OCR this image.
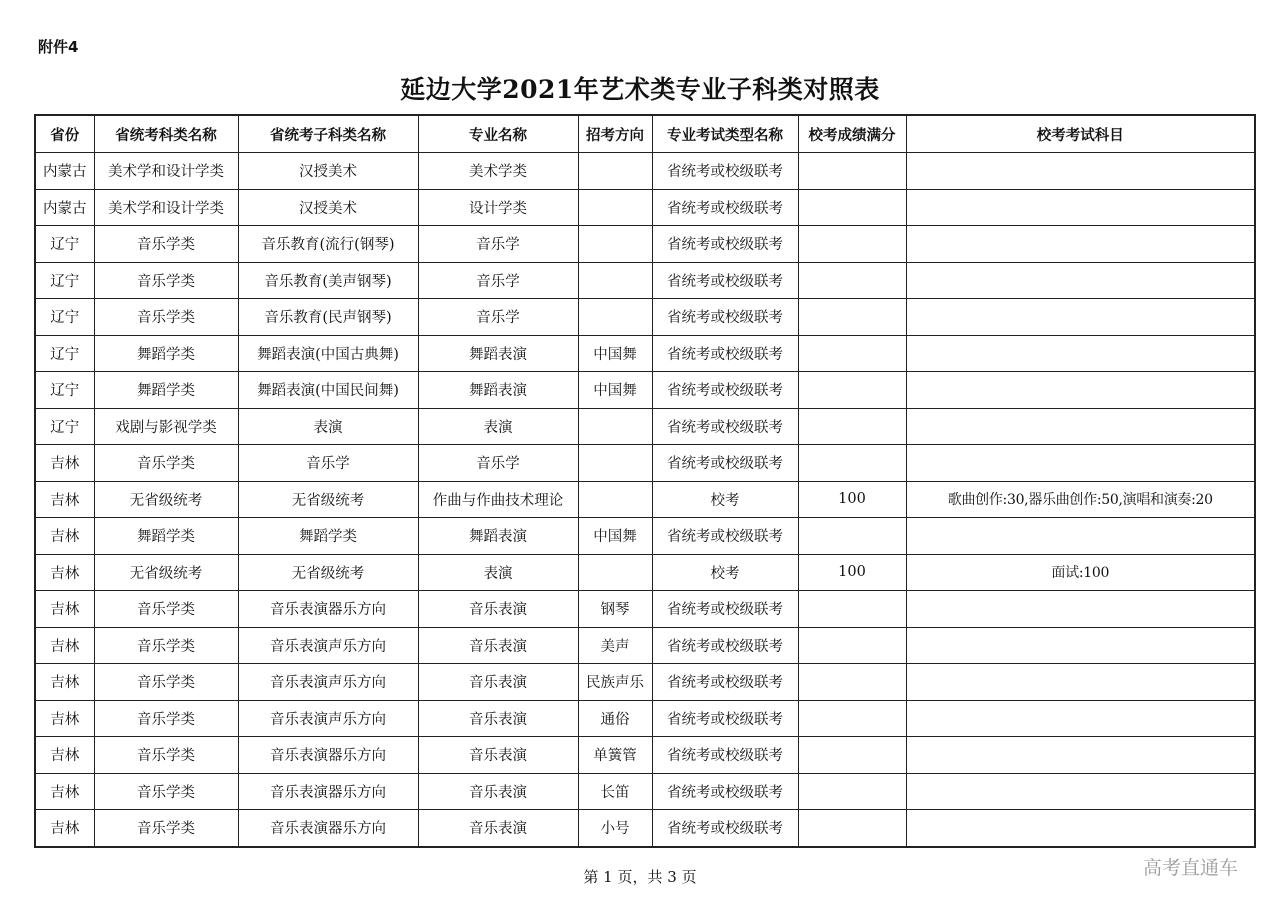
附件4
延边大学2021年艺术类专业子科类对照表
省份	省统考科类名称	省统考子科类名称	专业名称	招考方向	专业考试类型名称	校考成绩满分	校考考试科目
内蒙古	美术学和设计学类	汉授美术	美术学类		省统考或校级联考		
内蒙古	美术学和设计学类	汉授美术	设计学类		省统考或校级联考		
辽宁	音乐学类	音乐教育(流行(钢琴)	音乐学		省统考或校级联考		
辽宁	音乐学类	音乐教育(美声钢琴)	音乐学		省统考或校级联考		
辽宁	音乐学类	音乐教育(民声钢琴)	音乐学		省统考或校级联考		
辽宁	舞蹈学类	舞蹈表演(中国古典舞)	舞蹈表演	中国舞	省统考或校级联考		
辽宁	舞蹈学类	舞蹈表演(中国民间舞)	舞蹈表演	中国舞	省统考或校级联考		
辽宁	戏剧与影视学类	表演	表演		省统考或校级联考		
吉林	音乐学类	音乐学	音乐学		省统考或校级联考		
吉林	无省级统考	无省级统考	作曲与作曲技术理论		校考	100	歌曲创作:30,器乐曲创作:50,演唱和演奏:20
吉林	舞蹈学类	舞蹈学类	舞蹈表演	中国舞	省统考或校级联考		
吉林	无省级统考	无省级统考	表演		校考	100	面试:100
吉林	音乐学类	音乐表演器乐方向	音乐表演	钢琴	省统考或校级联考		
吉林	音乐学类	音乐表演声乐方向	音乐表演	美声	省统考或校级联考		
吉林	音乐学类	音乐表演声乐方向	音乐表演	民族声乐	省统考或校级联考		
吉林	音乐学类	音乐表演声乐方向	音乐表演	通俗	省统考或校级联考		
吉林	音乐学类	音乐表演器乐方向	音乐表演	单簧管	省统考或校级联考		
吉林	音乐学类	音乐表演器乐方向	音乐表演	长笛	省统考或校级联考		
吉林	音乐学类	音乐表演器乐方向	音乐表演	小号	省统考或校级联考		
第 1 页，共 3 页	高考直通车
